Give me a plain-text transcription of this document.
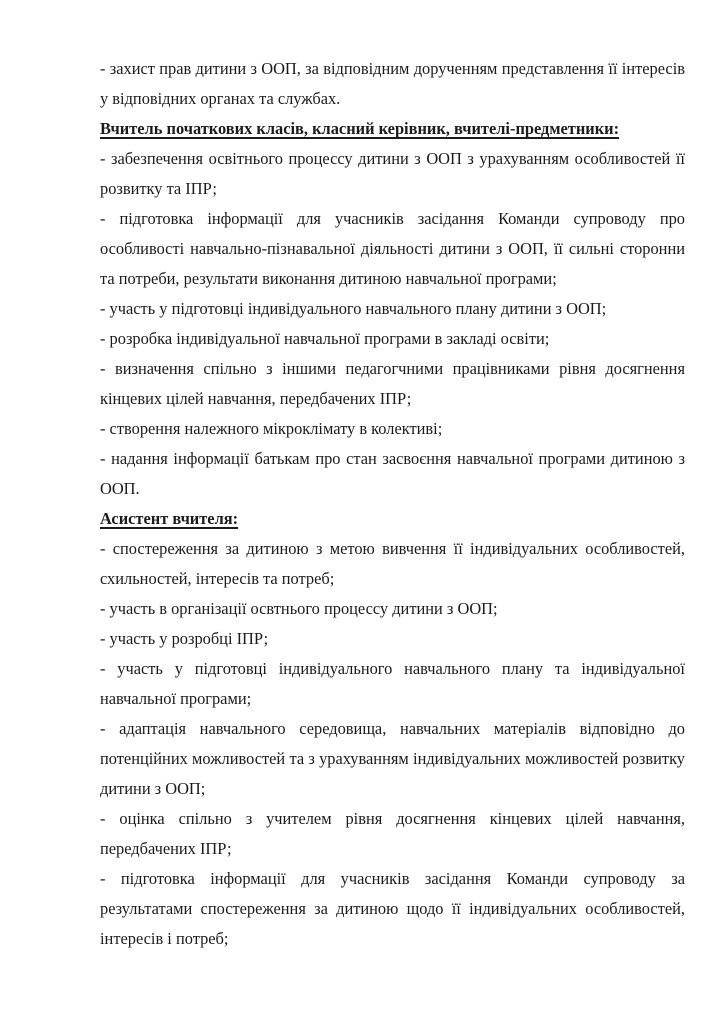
- захист прав дитини з ООП, за відповідним дорученням представлення її інтересів у відповідних органах та службах.

Вчитель початкових класів, класний керівник, вчителі-предметники:

- забезпечення освітнього процессу дитини з ООП з урахуванням особливостей її розвитку та ІПР;

- підготовка інформації для учасників засідання Команди супроводу про особливості навчально-пізнавальної діяльності дитини з ООП, її сильні сторонни та потреби, результати виконання дитиною навчальної програми;

- участь у підготовці індивідуального навчального плану дитини з ООП;

- розробка індивідуальної навчальної програми в закладі освіти;

- визначення спільно з іншими педагогчними працівниками рівня досягнення кінцевих цілей навчання, передбачених ІПР;

- створення належного мікроклімату в колективі;

- надання інформації батькам про стан засвоєння навчальної програми дитиною з ООП.

Асистент вчителя:

- спостереження за дитиною з метою вивчення її індивідуальних особливостей, схильностей, інтересів та потреб;

- участь в організації освтнього процессу дитини з ООП;

- участь у розробці ІПР;

- участь у підготовці індивідуального навчального плану та індивідуальної навчальної програми;

- адаптація навчального середовища, навчальних матеріалів відповідно до потенційних можливостей та з урахуванням індивідуальних можливостей розвитку дитини з ООП;

- оцінка спільно з учителем рівня досягнення кінцевих цілей навчання, передбачених ІПР;

- підготовка інформації для учасників засідання Команди супроводу за результатами спостереження за дитиною щодо її індивідуальних особливостей, інтересів і потреб;
